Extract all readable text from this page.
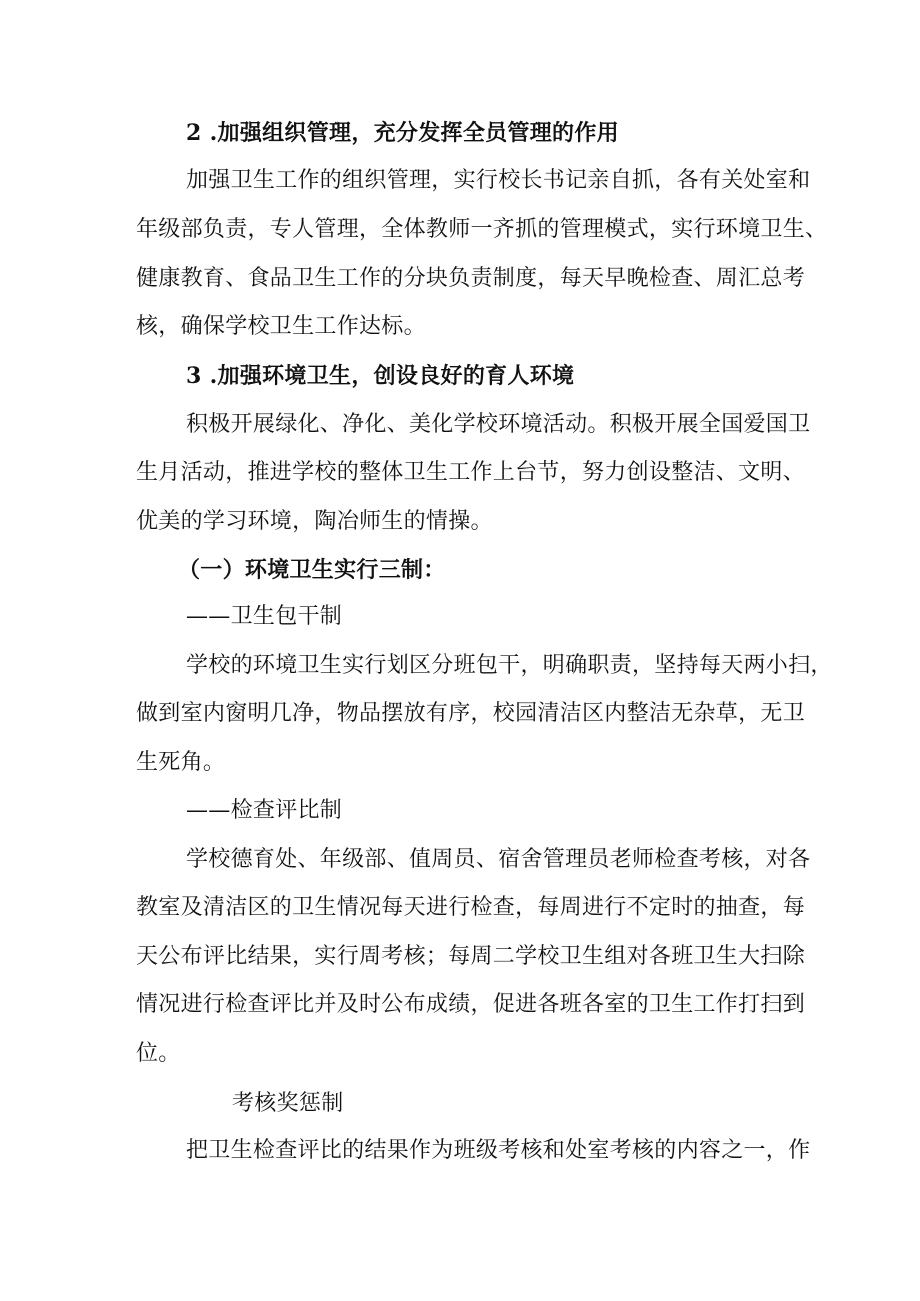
2 .加强组织管理，充分发挥全员管理的作用
加强卫生工作的组织管理，实行校长书记亲自抓，各有关处室和
年级部负责，专人管理，全体教师一齐抓的管理模式，实行环境卫生、
健康教育、食品卫生工作的分块负责制度，每天早晚检查、周汇总考
核，确保学校卫生工作达标。
3 .加强环境卫生，创设良好的育人环境
积极开展绿化、净化、美化学校环境活动。积极开展全国爱国卫
生月活动，推进学校的整体卫生工作上台节，努力创设整洁、文明、
优美的学习环境，陶冶师生的情操。
（一）环境卫生实行三制：
——卫生包干制
学校的环境卫生实行划区分班包干，明确职责，坚持每天两小扫，
做到室内窗明几净，物品摆放有序，校园清洁区内整洁无杂草，无卫
生死角。
——检查评比制
学校德育处、年级部、值周员、宿舍管理员老师检查考核，对各
教室及清洁区的卫生情况每天进行检查，每周进行不定时的抽查，每
天公布评比结果，实行周考核；每周二学校卫生组对各班卫生大扫除
情况进行检查评比并及时公布成绩，促进各班各室的卫生工作打扫到
位。
考核奖惩制
把卫生检查评比的结果作为班级考核和处室考核的内容之一，作
